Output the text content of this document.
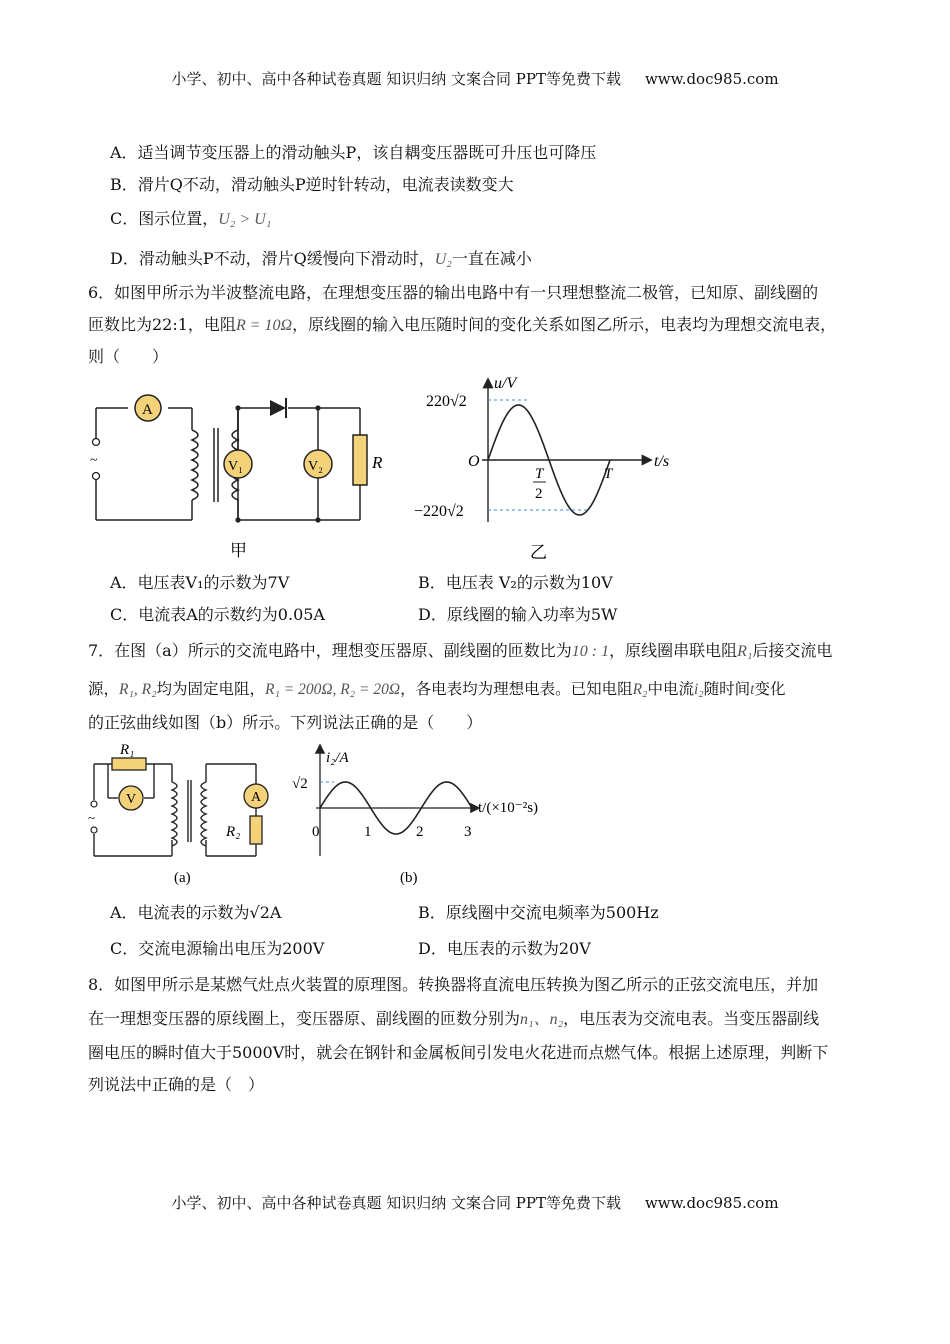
小学、初中、高中各种试卷真题 知识归纳 文案合同 PPT等免费下载 www.doc985.com
A．适当调节变压器上的滑动触头P，该自耦变压器既可升压也可降压
B．滑片Q不动，滑动触头P逆时针转动，电流表读数变大
C．图示位置，U₂ > U₁
D．滑动触头P不动，滑片Q缓慢向下滑动时，U₂一直在减小
6．如图甲所示为半波整流电路，在理想变压器的输出电路中有一只理想整流二极管，已知原、副线圈的
匝数比为22:1，电阻R = 10Ω，原线圈的输入电压随时间的变化关系如图乙所示，电表均为理想交流电表，
则（　　）
R
A
V₁	V₂
~
甲
u/V
t/s
220√2
−220√2
O
T
2
T
乙
A．电压表V₁的示数为7V	B．电压表 V₂的示数为10V
C．电流表A的示数约为0.05A	D．原线圈的输入功率为5W
7．在图（a）所示的交流电路中，理想变压器原、副线圈的匝数比为10 : 1，原线圈串联电阻R₁后接交流电
源，R₁, R₂均为固定电阻，R₁ = 200Ω, R₂ = 20Ω，各电表均为理想电表。已知电阻R₂中电流i₂随时间t变化
的正弦曲线如图（b）所示。下列说法正确的是（　　）
R₁
V	A
R₂
~
(a)
i₂/A
t/(×10⁻²s)
√2
0	1	2	3
(b)
A．电流表的示数为√2A	B．原线圈中交流电频率为500Hz
C．交流电源输出电压为200V	D．电压表的示数为20V
8．如图甲所示是某燃气灶点火装置的原理图。转换器将直流电压转换为图乙所示的正弦交流电压，并加
在一理想变压器的原线圈上，变压器原、副线圈的匝数分别为n₁、n₂，电压表为交流电表。当变压器副线
圈电压的瞬时值大于5000V时，就会在钢针和金属板间引发电火花进而点燃气体。根据上述原理，判断下
列说法中正确的是（　）
小学、初中、高中各种试卷真题 知识归纳 文案合同 PPT等免费下载 www.doc985.com
